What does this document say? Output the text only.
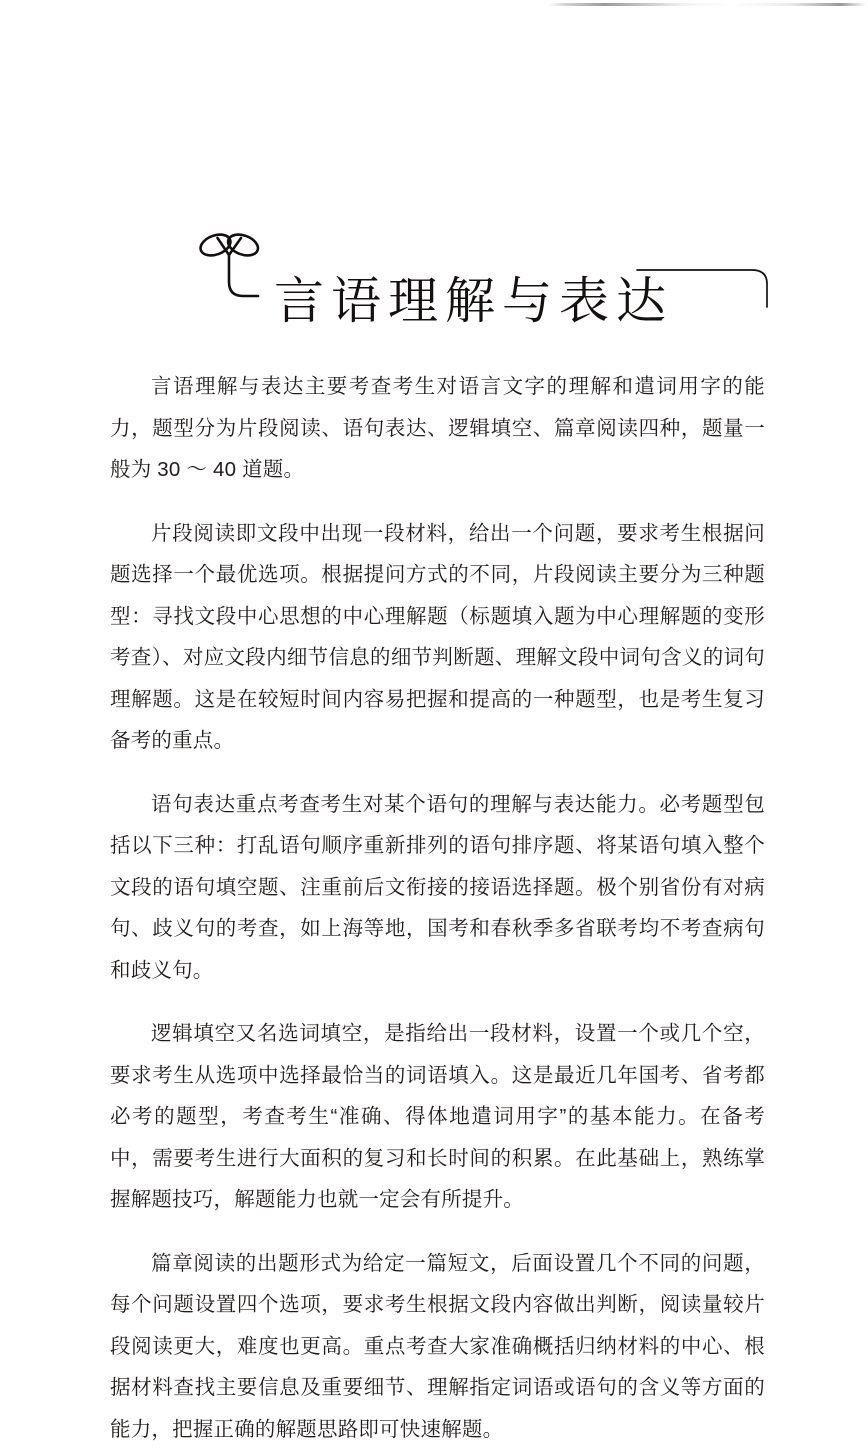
言语理解与表达

言语理解与表达主要考查考生对语言文字的理解和遣词用字的能力，题型分为片段阅读、语句表达、逻辑填空、篇章阅读四种，题量一般为 30 ～ 40 道题。

片段阅读即文段中出现一段材料，给出一个问题，要求考生根据问题选择一个最优选项。根据提问方式的不同，片段阅读主要分为三种题型：寻找文段中心思想的中心理解题（标题填入题为中心理解题的变形考查）、对应文段内细节信息的细节判断题、理解文段中词句含义的词句理解题。这是在较短时间内容易把握和提高的一种题型，也是考生复习备考的重点。

语句表达重点考查考生对某个语句的理解与表达能力。必考题型包括以下三种：打乱语句顺序重新排列的语句排序题、将某语句填入整个文段的语句填空题、注重前后文衔接的接语选择题。极个别省份有对病句、歧义句的考查，如上海等地，国考和春秋季多省联考均不考查病句和歧义句。

逻辑填空又名选词填空，是指给出一段材料，设置一个或几个空，要求考生从选项中选择最恰当的词语填入。这是最近几年国考、省考都必考的题型，考查考生“准确、得体地遣词用字”的基本能力。在备考中，需要考生进行大面积的复习和长时间的积累。在此基础上，熟练掌握解题技巧，解题能力也就一定会有所提升。

篇章阅读的出题形式为给定一篇短文，后面设置几个不同的问题，每个问题设置四个选项，要求考生根据文段内容做出判断，阅读量较片段阅读更大，难度也更高。重点考查大家准确概括归纳材料的中心、根据材料查找主要信息及重要细节、理解指定词语或语句的含义等方面的能力，把握正确的解题思路即可快速解题。
